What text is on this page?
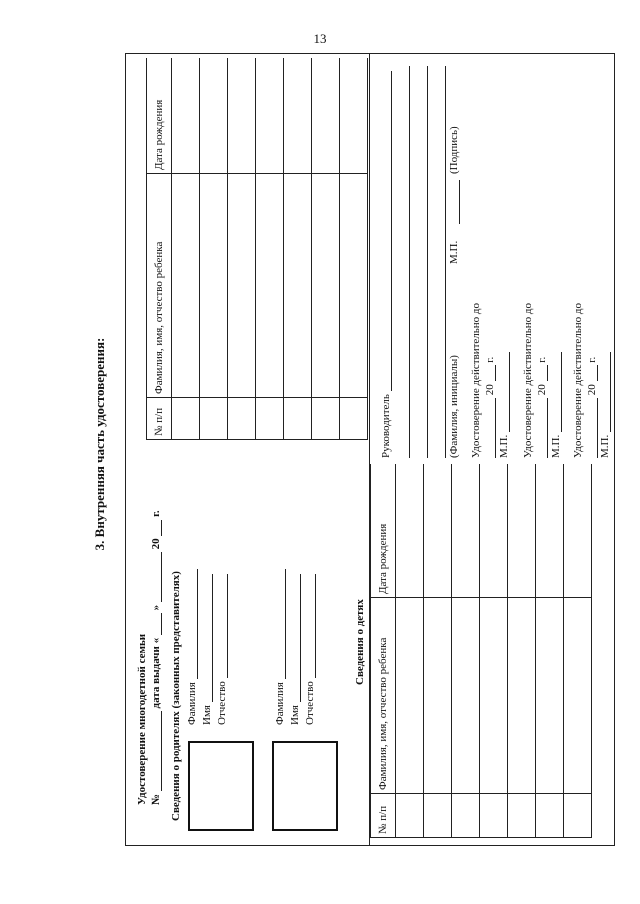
13
3. Внутренняя часть удостоверения:
Удостоверение многодетной семьи №  дата выдачи «  »  20  г.
Сведения о родителях (законных представителях) Фамилия Имя Отчество	Фамилия Имя Отчество
Сведения о детях
№ п/п	Фамилия, имя, отчество ребенка	Дата рождения

№ п/п	Фамилия, имя, отчество ребенка	Дата рождения

Руководитель	(Фамилия, инициалы)
М.П.
(Подпись)
Удостоверение действительно до 20  г.
М.П. Удостоверение действительно до 20  г.
М.П. Удостоверение действительно до 20  г.
М.П.
